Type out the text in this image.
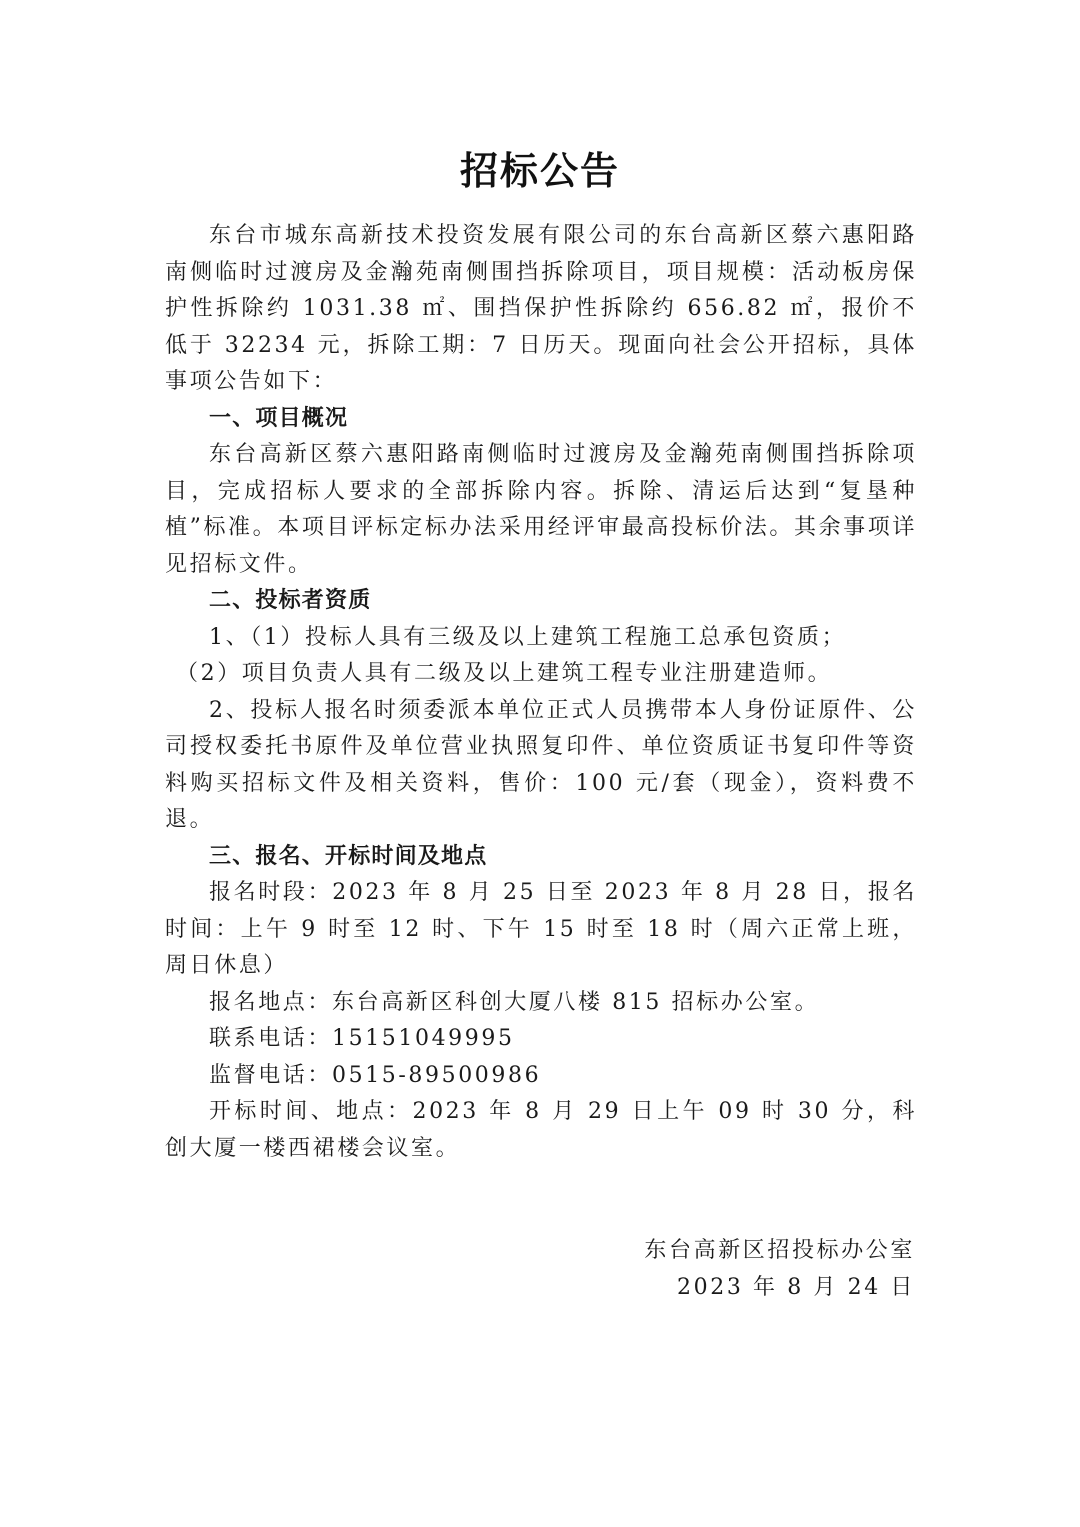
招标公告

东台市城东高新技术投资发展有限公司的东台高新区蔡六惠阳路南侧临时过渡房及金瀚苑南侧围挡拆除项目，项目规模：活动板房保护性拆除约 1031.38 ㎡、围挡保护性拆除约 656.82 ㎡，报价不低于 32234 元，拆除工期：7 日历天。现面向社会公开招标，具体事项公告如下：

一、项目概况

东台高新区蔡六惠阳路南侧临时过渡房及金瀚苑南侧围挡拆除项目，完成招标人要求的全部拆除内容。拆除、清运后达到“复垦种植”标准。本项目评标定标办法采用经评审最高投标价法。其余事项详见招标文件。

二、投标者资质

1、（1）投标人具有三级及以上建筑工程施工总承包资质；

（2）项目负责人具有二级及以上建筑工程专业注册建造师。

2、投标人报名时须委派本单位正式人员携带本人身份证原件、公司授权委托书原件及单位营业执照复印件、单位资质证书复印件等资料购买招标文件及相关资料，售价：100 元/套（现金），资料费不退。

三、报名、开标时间及地点

报名时段：2023 年 8 月 25 日至 2023 年 8 月 28 日，报名时间：上午 9 时至 12 时、下午 15 时至 18 时（周六正常上班，周日休息）

报名地点：东台高新区科创大厦八楼 815 招标办公室。

联系电话：15151049995

监督电话：0515-89500986

开标时间、地点：2023 年 8 月 29 日上午 09 时 30 分，科创大厦一楼西裙楼会议室。

东台高新区招投标办公室
2023 年 8 月 24 日
